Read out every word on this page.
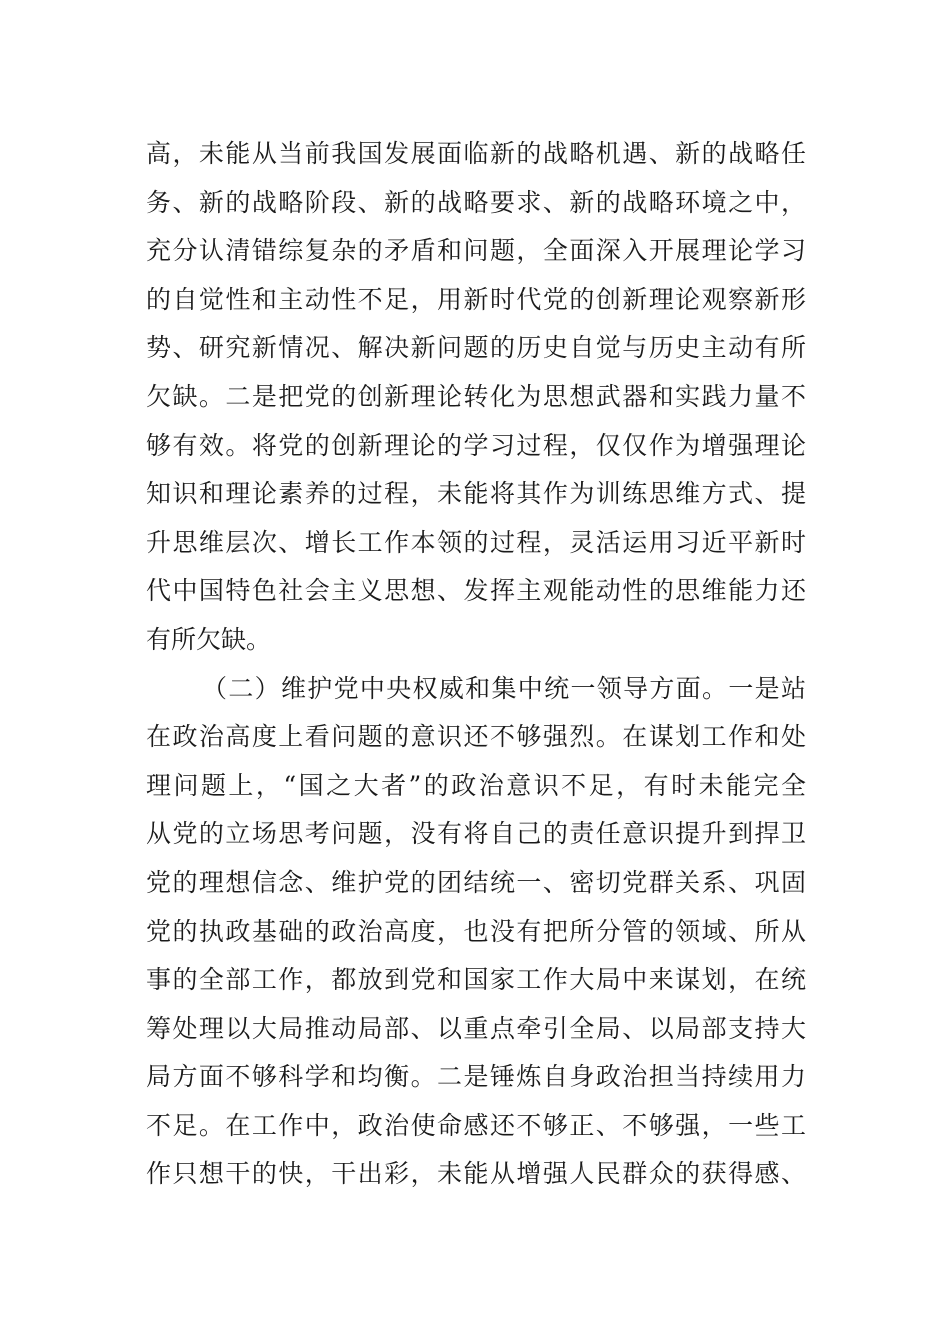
高，未能从当前我国发展面临新的战略机遇、新的战略任
务、新的战略阶段、新的战略要求、新的战略环境之中，
充分认清错综复杂的矛盾和问题，全面深入开展理论学习
的自觉性和主动性不足，用新时代党的创新理论观察新形
势、研究新情况、解决新问题的历史自觉与历史主动有所
欠缺。二是把党的创新理论转化为思想武器和实践力量不
够有效。将党的创新理论的学习过程，仅仅作为增强理论
知识和理论素养的过程，未能将其作为训练思维方式、提
升思维层次、增长工作本领的过程，灵活运用习近平新时
代中国特色社会主义思想、发挥主观能动性的思维能力还
有所欠缺。
（二）维护党中央权威和集中统一领导方面。一是站
在政治高度上看问题的意识还不够强烈。在谋划工作和处
理问题上，“国之大者”的政治意识不足，有时未能完全
从党的立场思考问题，没有将自己的责任意识提升到捍卫
党的理想信念、维护党的团结统一、密切党群关系、巩固
党的执政基础的政治高度，也没有把所分管的领域、所从
事的全部工作，都放到党和国家工作大局中来谋划，在统
筹处理以大局推动局部、以重点牵引全局、以局部支持大
局方面不够科学和均衡。二是锤炼自身政治担当持续用力
不足。在工作中，政治使命感还不够正、不够强，一些工
作只想干的快，干出彩，未能从增强人民群众的获得感、
